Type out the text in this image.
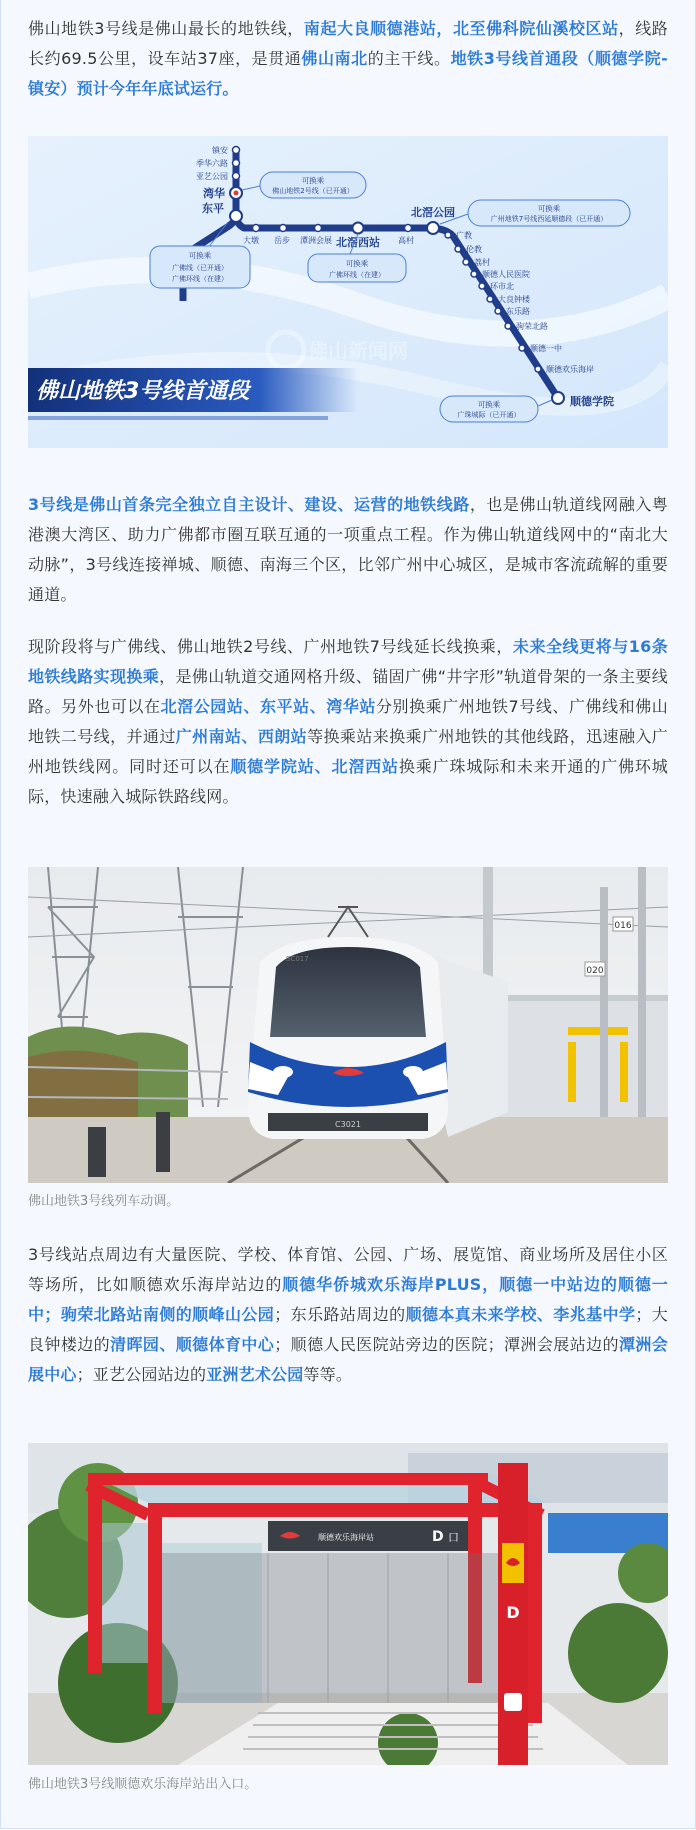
佛山地铁3号线是佛山最长的地铁线，南起大良顺德港站，北至佛科院仙溪校区站，线路长约69.5公里，设车站37座，是贯通佛山南北的主干线。地铁3号线首通段（顺德学院-镇安）预计今年年底试运行。

镇安
季华六路
亚艺公园
湾华
东平
大墩 岳步 潭洲会展 北滘西站 高村
北滘公园
广教
伦教
荔村
顺德人民医院
环市北
大良钟楼
东乐路
驹荣北路
顺德一中
顺德欢乐海岸
顺德学院
可换乘
佛山地铁2号线（已开通）
可换乘
广州地铁7号线西延顺德段（已开通）
可换乘
广佛线（已开通）
广佛环线（在建）
可换乘
广佛环线（在建）
可换乘
广珠城际（已开通）
佛山新闻网
佛山地铁3号线首通段

3号线是佛山首条完全独立自主设计、建设、运营的地铁线路，也是佛山轨道线网融入粤港澳大湾区、助力广佛都市圈互联互通的一项重点工程。作为佛山轨道线网中的“南北大动脉”，3号线连接禅城、顺德、南海三个区，比邻广州中心城区，是城市客流疏解的重要通道。

现阶段将与广佛线、佛山地铁2号线、广州地铁7号线延长线换乘，未来全线更将与16条地铁线路实现换乘，是佛山轨道交通网格升级、锚固广佛“井字形”轨道骨架的一条主要线路。另外也可以在北滘公园站、东平站、湾华站分别换乘广州地铁7号线、广佛线和佛山地铁二号线，并通过广州南站、西朗站等换乘站来换乘广州地铁的其他线路，迅速融入广州地铁线网。同时还可以在顺德学院站、北滘西站换乘广珠城际和未来开通的广佛环城际，快速融入城际铁路线网。

016
020
C3021
SC017

佛山地铁3号线列车动调。

3号线站点周边有大量医院、学校、体育馆、公园、广场、展览馆、商业场所及居住小区等场所，比如顺德欢乐海岸站边的顺德华侨城欢乐海岸PLUS，顺德一中站边的顺德一中；驹荣北路站南侧的顺峰山公园；东乐路站周边的顺德本真未来学校、李兆基中学；大良钟楼边的清晖园、顺德体育中心；顺德人民医院站旁边的医院；潭洲会展站边的潭洲会展中心；亚艺公园站边的亚洲艺术公园等等。

顺德欢乐海岸站	D 口
D

佛山地铁3号线顺德欢乐海岸站出入口。
